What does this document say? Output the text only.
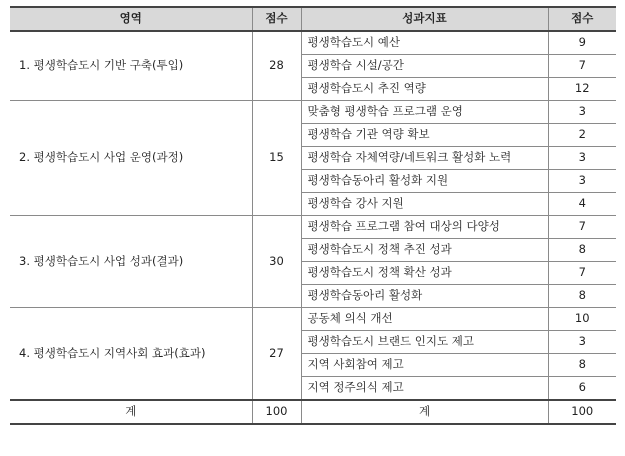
영역	점수	성과지표	점수
1. 평생학습도시 기반 구축(투입)	28	평생학습도시 예산	9
		평생학습 시설/공간	7
		평생학습도시 추진 역량	12
2. 평생학습도시 사업 운영(과정)	15	맞춤형 평생학습 프로그램 운영	3
		평생학습 기관 역량 확보	2
		평생학습 자체역량/네트워크 활성화 노력	3
		평생학습동아리 활성화 지원	3
		평생학습 강사 지원	4
3. 평생학습도시 사업 성과(결과)	30	평생학습 프로그램 참여 대상의 다양성	7
		평생학습도시 정책 추진 성과	8
		평생학습도시 정책 확산 성과	7
		평생학습동아리 활성화	8
4. 평생학습도시 지역사회 효과(효과)	27	공동체 의식 개선	10
		평생학습도시 브랜드 인지도 제고	3
		지역 사회참여 제고	8
		지역 정주의식 제고	6
계	100	계	100
